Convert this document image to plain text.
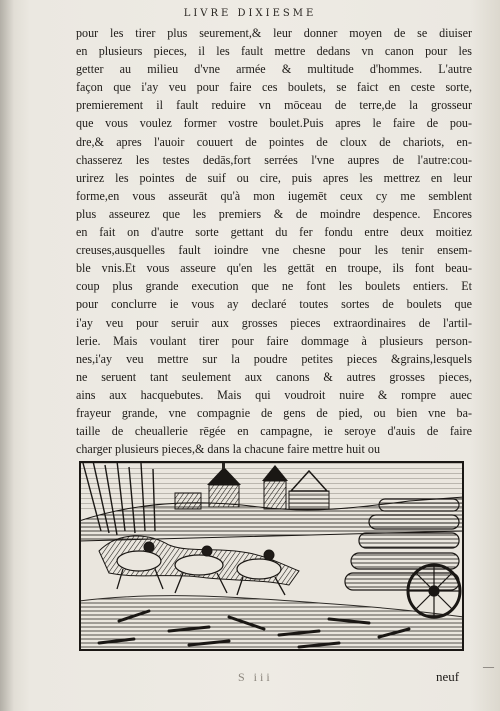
LIVRE DIXIESME
pour les tirer plus seurement,& leur donner moyen de se diuiser
en plusieurs pieces, il les fault mettre dedans vn canon pour les
getter au milieu d'vne armée & multitude d'hommes. L'autre
façon que i'ay veu pour faire ces boulets, se faict en ceste sorte,
premierement il fault reduire vn mōceau de terre,de la grosseur
que vous voulez former vostre boulet.Puis apres le faire de pou-
dre,& apres l'auoir couuert de pointes de cloux de chariots, en-
chasserez les testes dedās,fort serrées l'vne aupres de l'autre:cou-
urirez les pointes de suif ou cire, puis apres les mettrez en leur
forme,en vous asseurāt qu'à mon iugemēt ceux cy me semblent
plus asseurez que les premiers & de moindre despence. Encores
en fait on d'autre sorte gettant du fer fondu entre deux moitiez
creuses,ausquelles fault ioindre vne chesne pour les tenir ensem-
ble vnis.Et vous asseure qu'en les gettāt en troupe, ils font beau-
coup plus grande execution que ne font les boulets entiers. Et
pour conclurre ie vous ay declaré toutes sortes de boulets que
i'ay veu pour seruir aux grosses pieces extraordinaires de l'artil-
lerie. Mais voulant tirer pour faire dommage à plusieurs person-
nes,i'ay veu mettre sur la poudre petites pieces &grains,lesquels
ne seruent tant seulement aux canons & autres grosses pieces,
ains aux hacquebutes. Mais qui voudroit nuire & rompre auec
frayeur grande, vne compagnie de gens de pied, ou bien vne ba-
taille de cheuallerie rēgée en campagne, ie seroye d'auis de faire
charger plusieurs pieces,& dans la chacune faire mettre huit ou
S iii	neuf
—
